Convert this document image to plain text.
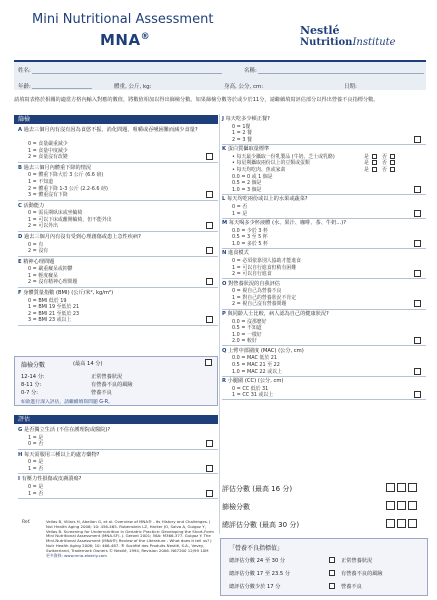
Mini Nutritional Assessment
MNA®	Nestlé
NutritionInstitute
姓名:	名稱:
年齡:	體重, 公斤, kg:	身高, 公分, cm:	日期:
請填寫表格於相關的適當方格內輸入對應的數值，將數值相加以得出篩檢分數。如果篩檢分數等於或少於11分，請繼續填寫評估部分以得出營養不良指標分數。
篩檢
A 過去三個月內有沒有因為食慾不振、消化問題、咀嚼或吞嚥困難而減少食量?
0 = 食量嚴重減少
1 = 食量中度減少
2 = 食量沒有改變
B 過去三個月內體重下降的情況
0 = 體重下降大於 3 公斤 (6.6 磅)
1 = 不知道
2 = 體重下降 1-3 公斤 (2.2-6.6 磅)
3 = 體重沒有下降
C 活動能力
0 = 需長期臥床或坐輪椅
1 = 可以下床或離開輪椅，但不能外出
2 = 可以外出
D 過去三個月內有沒有受到心理創傷或患上急性疾病?
0 = 有
2 = 沒有
E 精神心理問題
0 = 嚴重癡呆或抑鬱
1 = 輕度癡呆
2 = 沒有精神心理問題
F 身體質量指數 (BMI) (公斤/米², kg/m²)
0 = BMI 低於 19
1 = BMI 19 至低於 21
2 = BMI 21 至低於 23
3 = BMI 23 或以上
篩檢分數	(最高 14 分)
12-14 分:	正常營養狀況
8-11 分:	有營養不良的風險
0-7 分:	營養不良
如欲進行深入評估，請繼續填寫問題 G-R。
評估
G 是否獨立生活 (不住在護理院或醫院)?
1 = 是
0 = 否
H 每天需服用三種以上的處方藥物?
0 = 是
1 = 否
I 有壓力性損傷或皮膚潰瘍?
0 = 是
1 = 否
J 每天吃多少頓正餐?
0 = 1餐
1 = 2 餐
2 = 3 餐
K 蛋白質攝取量標準
• 每天最少攝取一份乳製品 (牛奶、芝士或乳酪)	是	否
• 每星期攝取兩份以上的豆類或蛋類	是	否
• 每天均吃肉、魚或家禽	是	否
0.0 = 0 或 1 個是
0.5 = 2 個是
1.0 = 3 個是
L 每天均吃兩份或以上的水果或蔬菜?
0 = 否
1 = 是
M 每天喝多少杯液體 (水、果汁、咖啡、茶、牛奶...)?
0.0 = 少於 3 杯
0.5 = 3 至 5 杯
1.0 = 多於 5 杯
N 進食模式
0 = 必須依靠別人協助才能進食
1 = 可以自行進食但稍有困難
2 = 可以自行進食
O 對營養狀況的自我評估
0 = 視自己為營養不良
1 = 對自己的營養狀況不肯定
2 = 視自己沒有營養問題
P 與同齡人士比較，病人認為自己的健康狀況?
0.0 = 沒那麼好
0.5 = 不知道
1.0 = 一樣好
2.0 = 較好
Q 上臂中部圍度 (MAC) (公分, cm)
0.0 = MAC 低於 21
0.5 = MAC 21 至 22
1.0 = MAC 22 或以上
R 小腿圍 (CC) (公分, cm)
0 = CC 低於 31
1 = CC 31 或以上
評估分數 (最高 16 分)
篩檢分數
總評估分數 (最高 30 分)
「營養不良指標值」
總評估分數 24 至 30 分	正常營養狀況
總評估分數 17 至 23.5 分	有營養不良的風險
總評估分數少於 17 分	營養不良
Ref.	Vellas B, Villars H, Abellan G, et al. Overview of MNA® - Its History and Challenges. J Nut Health Aging 2006; 10: 456-465. Rubenstein LZ, Harker JO, Salva A, Guigoz Y, Vellas B. Screening for Undernutrition in Geriatric Practice: Developing the Short-Form Mini Nutritional Assessment (MNA-SF). J. Geront 2001; 56A: M366-377. Guigoz Y. The Mini-Nutritional Assessment (MNA®) Review of the Literature - What does it tell us? J Nutr Health Aging 2006; 10: 466-487. ® Société des Produits Nestlé, S.A., Vevey, Switzerland, Trademark Owners © Nestlé, 1994, Revision 2006. N67200 12/99 10M
更多資料: www.mna-elderly.com
